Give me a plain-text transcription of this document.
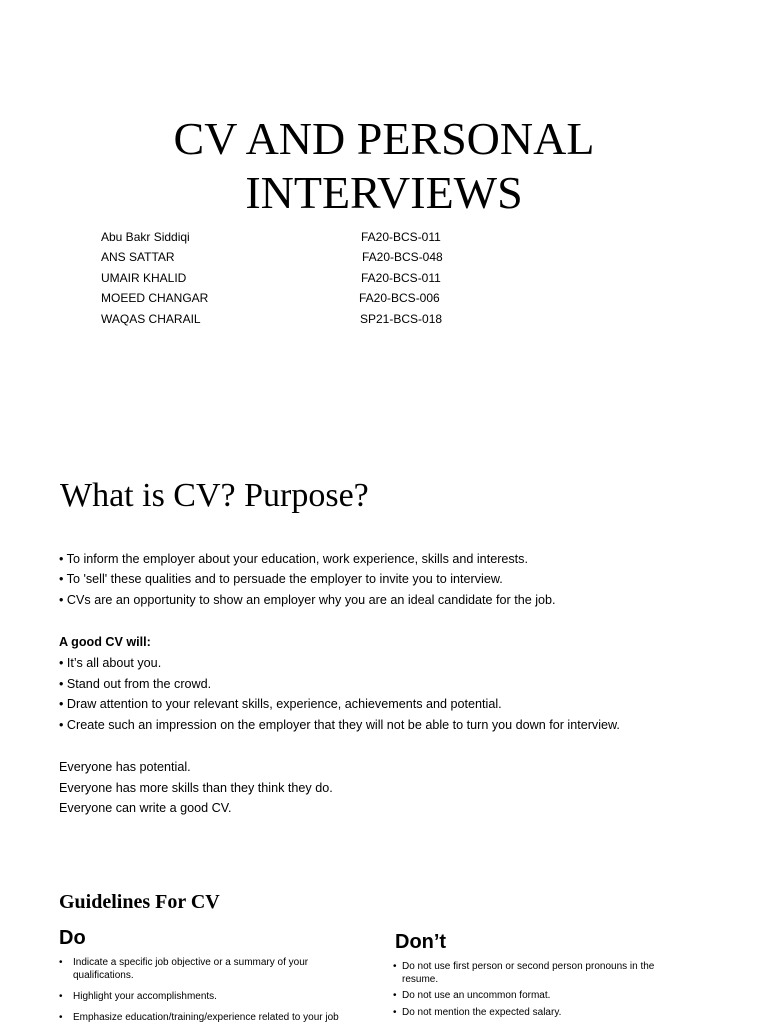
CV AND PERSONAL
INTERVIEWS
Abu Bakr Siddiqi	FA20-BCS-011
ANS SATTAR	FA20-BCS-048
UMAIR KHALID	FA20-BCS-011
MOEED CHANGAR	FA20-BCS-006
WAQAS CHARAIL	SP21-BCS-018
What is CV? Purpose?
• To inform the employer about your education, work experience, skills and interests.
• To 'sell' these qualities and to persuade the employer to invite you to interview.
• CVs are an opportunity to show an employer why you are an ideal candidate for the job.
A good CV will:
• It’s all about you.
• Stand out from the crowd.
• Draw attention to your relevant skills, experience, achievements and potential.
• Create such an impression on the employer that they will not be able to turn you down for interview.
Everyone has potential.
Everyone has more skills than they think they do.
Everyone can write a good CV.
Guidelines For CV
Do	Don’t
• Indicate a specific job objective or a summary of your
qualifications.
• Highlight your accomplishments.
• Emphasize education/training/experience related to your job
• Do not use first person or second person pronouns in the
resume.
• Do not use an uncommon format.
• Do not mention the expected salary.
